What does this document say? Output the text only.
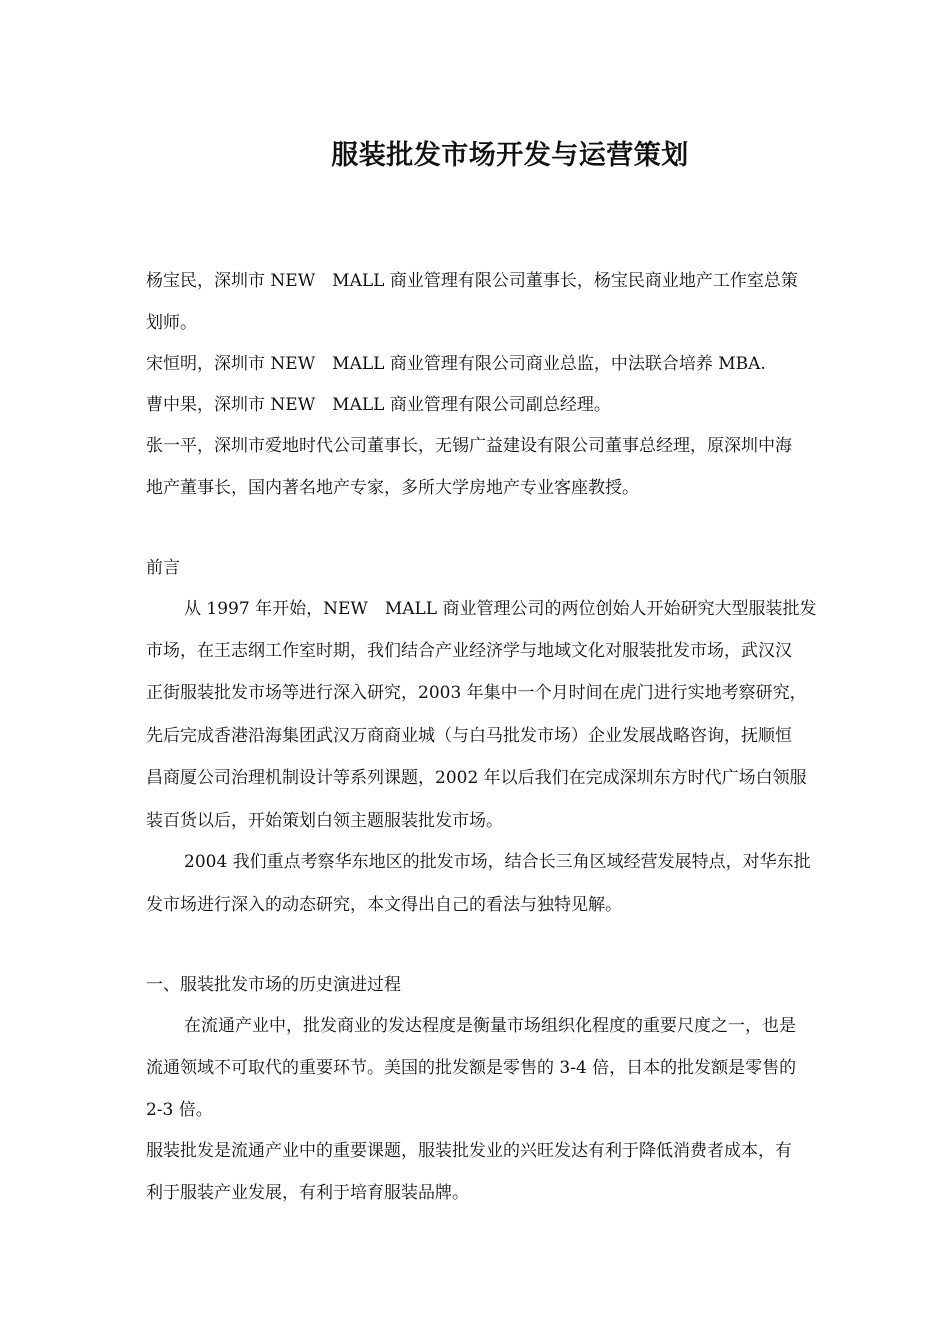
服装批发市场开发与运营策划
杨宝民，深圳市 NEW　MALL 商业管理有限公司董事长，杨宝民商业地产工作室总策
划师。
宋恒明，深圳市 NEW　MALL 商业管理有限公司商业总监，中法联合培养 MBA.
曹中果，深圳市 NEW　MALL 商业管理有限公司副总经理。
张一平，深圳市爱地时代公司董事长，无锡广益建设有限公司董事总经理，原深圳中海
地产董事长，国内著名地产专家，多所大学房地产专业客座教授。
前言
从 1997 年开始，NEW　MALL 商业管理公司的两位创始人开始研究大型服装批发
市场，在王志纲工作室时期，我们结合产业经济学与地域文化对服装批发市场，武汉汉
正街服装批发市场等进行深入研究，2003 年集中一个月时间在虎门进行实地考察研究，
先后完成香港沿海集团武汉万商商业城（与白马批发市场）企业发展战略咨询，抚顺恒
昌商厦公司治理机制设计等系列课题，2002 年以后我们在完成深圳东方时代广场白领服
装百货以后，开始策划白领主题服装批发市场。
2004 我们重点考察华东地区的批发市场，结合长三角区域经营发展特点，对华东批
发市场进行深入的动态研究，本文得出自己的看法与独特见解。
一、服装批发市场的历史演进过程
在流通产业中，批发商业的发达程度是衡量市场组织化程度的重要尺度之一，也是
流通领域不可取代的重要环节。美国的批发额是零售的 3-4 倍，日本的批发额是零售的
2-3 倍。
服装批发是流通产业中的重要课题，服装批发业的兴旺发达有利于降低消费者成本，有
利于服装产业发展，有利于培育服装品牌。
